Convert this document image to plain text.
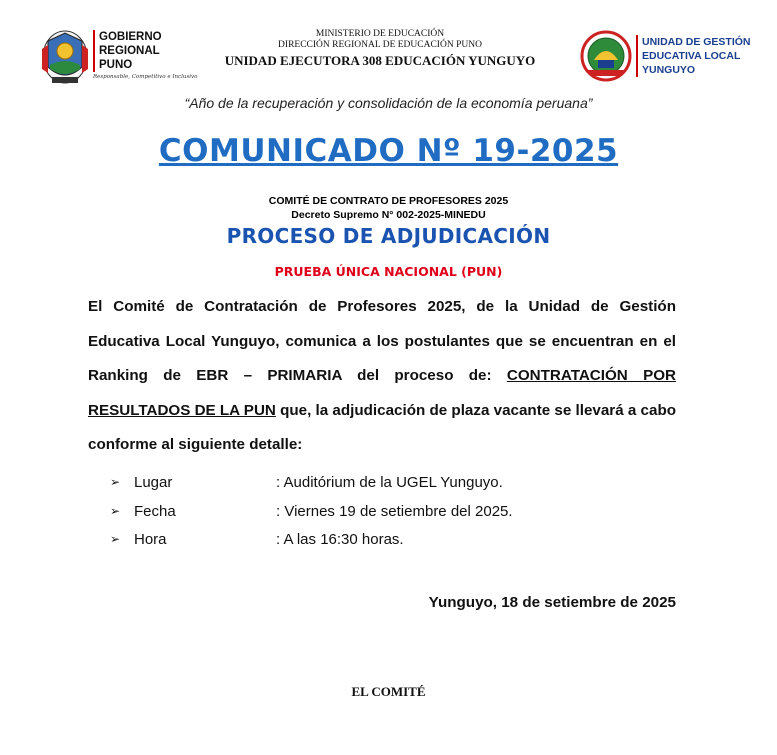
GOBIERNO
REGIONAL
PUNO
Responsable, Competitivo e Inclusivo
MINISTERIO DE EDUCACIÓN
DIRECCIÓN REGIONAL DE EDUCACIÓN PUNO
UNIDAD EJECUTORA 308 EDUCACIÓN YUNGUYO
UNIDAD DE GESTIÓN
EDUCATIVA LOCAL
YUNGUYO
“Año de la recuperación y consolidación de la economía peruana”
COMUNICADO Nº 19-2025
COMITÉ DE CONTRATO DE PROFESORES 2025
Decreto Supremo N° 002-2025-MINEDU
PROCESO DE ADJUDICACIÓN
PRUEBA ÚNICA NACIONAL (PUN)
El Comité de Contratación de Profesores 2025, de la Unidad de Gestión Educativa Local Yunguyo, comunica a los postulantes que se encuentran en el Ranking de EBR – PRIMARIA del proceso de: CONTRATACIÓN POR RESULTADOS DE LA PUN que, la adjudicación de plaza vacante se llevará a cabo conforme al siguiente detalle:
➢ Lugar	: Auditórium de la UGEL Yunguyo.
➢ Fecha	: Viernes 19 de setiembre del 2025.
➢ Hora	: A las 16:30 horas.
Yunguyo, 18 de setiembre de 2025
EL COMITÉ
